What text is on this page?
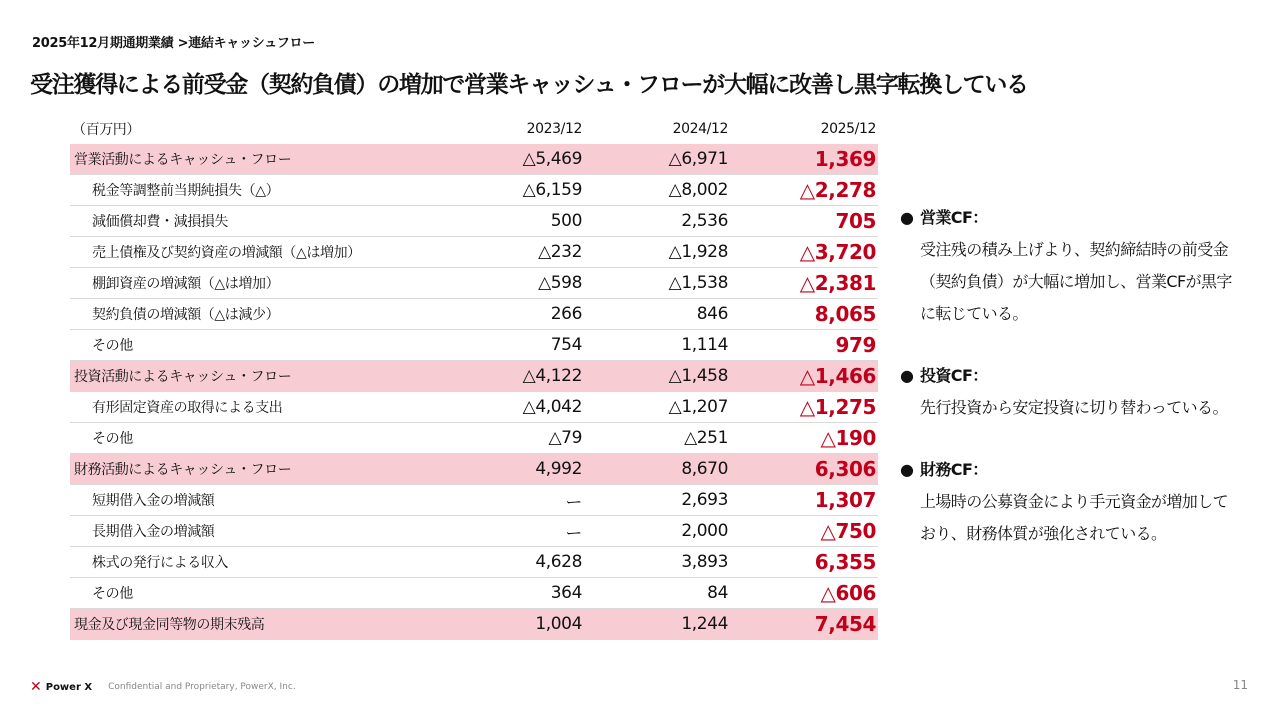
2025年12月期通期業績 >連結キャッシュフロー
受注獲得による前受金（契約負債）の増加で営業キャッシュ・フローが大幅に改善し黒字転換している
（百万円）	2023/12	2024/12	2025/12
営業活動によるキャッシュ・フロー	△5,469	△6,971	1,369
税金等調整前当期純損失（△）	△6,159	△8,002	△2,278
減価償却費・減損損失	500	2,536	705
売上債権及び契約資産の増減額（△は増加）	△232	△1,928	△3,720
棚卸資産の増減額（△は増加）	△598	△1,538	△2,381
契約負債の増減額（△は減少）	266	846	8,065
その他	754	1,114	979
投資活動によるキャッシュ・フロー	△4,122	△1,458	△1,466
有形固定資産の取得による支出	△4,042	△1,207	△1,275
その他	△79	△251	△190
財務活動によるキャッシュ・フロー	4,992	8,670	6,306
短期借入金の増減額	ー	2,693	1,307
長期借入金の増減額	ー	2,000	△750
株式の発行による収入	4,628	3,893	6,355
その他	364	84	△606
現金及び現金同等物の期末残高	1,004	1,244	7,454
● 営業CF：
受注残の積み上げより、契約締結時の前受金
（契約負債）が大幅に増加し、営業CFが黒字
に転じている。
● 投資CF：
先行投資から安定投資に切り替わっている。
● 財務CF：
上場時の公募資金により手元資金が増加して
おり、財務体質が強化されている。
✕ Power X Confidential and Proprietary, PowerX, Inc.	11
